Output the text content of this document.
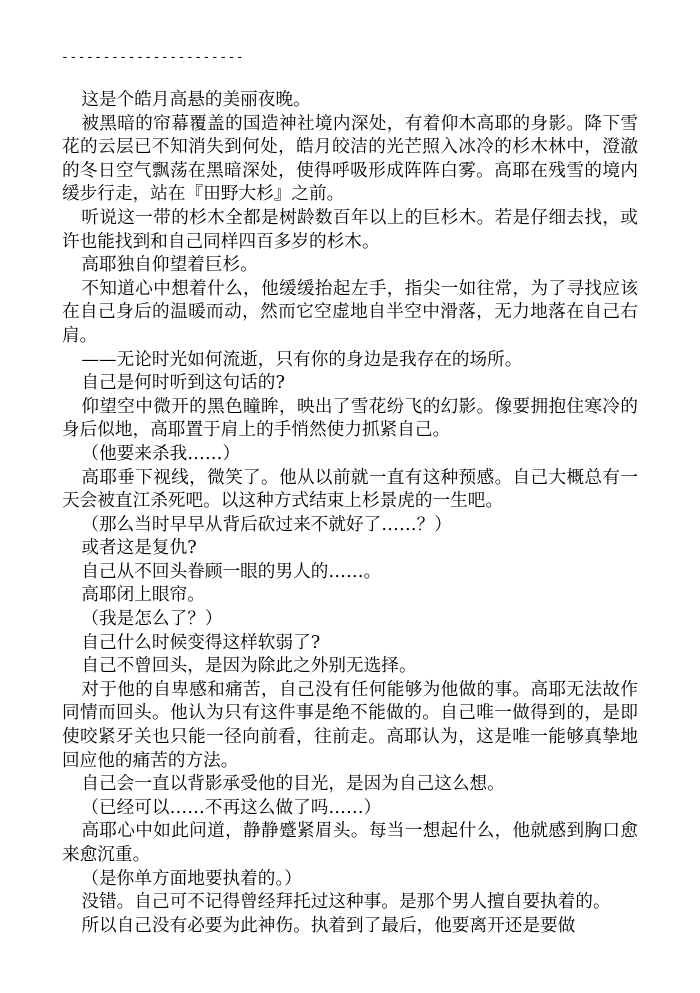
----------------------

这是个皓月高悬的美丽夜晚。

被黑暗的帘幕覆盖的国造神社境内深处，有着仰木高耶的身影。降下雪花的云层已不知消失到何处，皓月皎洁的光芒照入冰冷的杉木林中，澄澈的冬日空气飘荡在黑暗深处，使得呼吸形成阵阵白雾。高耶在残雪的境内缓步行走，站在『田野大杉』之前。

听说这一带的杉木全都是树龄数百年以上的巨杉木。若是仔细去找，或许也能找到和自己同样四百多岁的杉木。

高耶独自仰望着巨杉。

不知道心中想着什么，他缓缓抬起左手，指尖一如往常，为了寻找应该在自己身后的温暖而动，然而它空虚地自半空中滑落，无力地落在自己右肩。

——无论时光如何流逝，只有你的身边是我存在的场所。

自己是何时听到这句话的?

仰望空中微开的黑色瞳眸，映出了雪花纷飞的幻影。像要拥抱住寒冷的身后似地，高耶置于肩上的手悄然使力抓紧自己。

（他要来杀我……）

高耶垂下视线，微笑了。他从以前就一直有这种预感。自己大概总有一天会被直江杀死吧。以这种方式结束上杉景虎的一生吧。

（那么当时早早从背后砍过来不就好了……？）

或者这是复仇?

自己从不回头眷顾一眼的男人的……。

高耶闭上眼帘。

（我是怎么了？）

自己什么时候变得这样软弱了?

自己不曾回头，是因为除此之外别无选择。

对于他的自卑感和痛苦，自己没有任何能够为他做的事。高耶无法故作同情而回头。他认为只有这件事是绝不能做的。自己唯一做得到的，是即使咬紧牙关也只能一径向前看，往前走。高耶认为，这是唯一能够真挚地回应他的痛苦的方法。

自己会一直以背影承受他的目光，是因为自己这么想。

（已经可以……不再这么做了吗……）

高耶心中如此问道，静静蹙紧眉头。每当一想起什么，他就感到胸口愈来愈沉重。

（是你单方面地要执着的。）

没错。自己可不记得曾经拜托过这种事。是那个男人擅自要执着的。

所以自己没有必要为此神伤。执着到了最后，他要离开还是要做
